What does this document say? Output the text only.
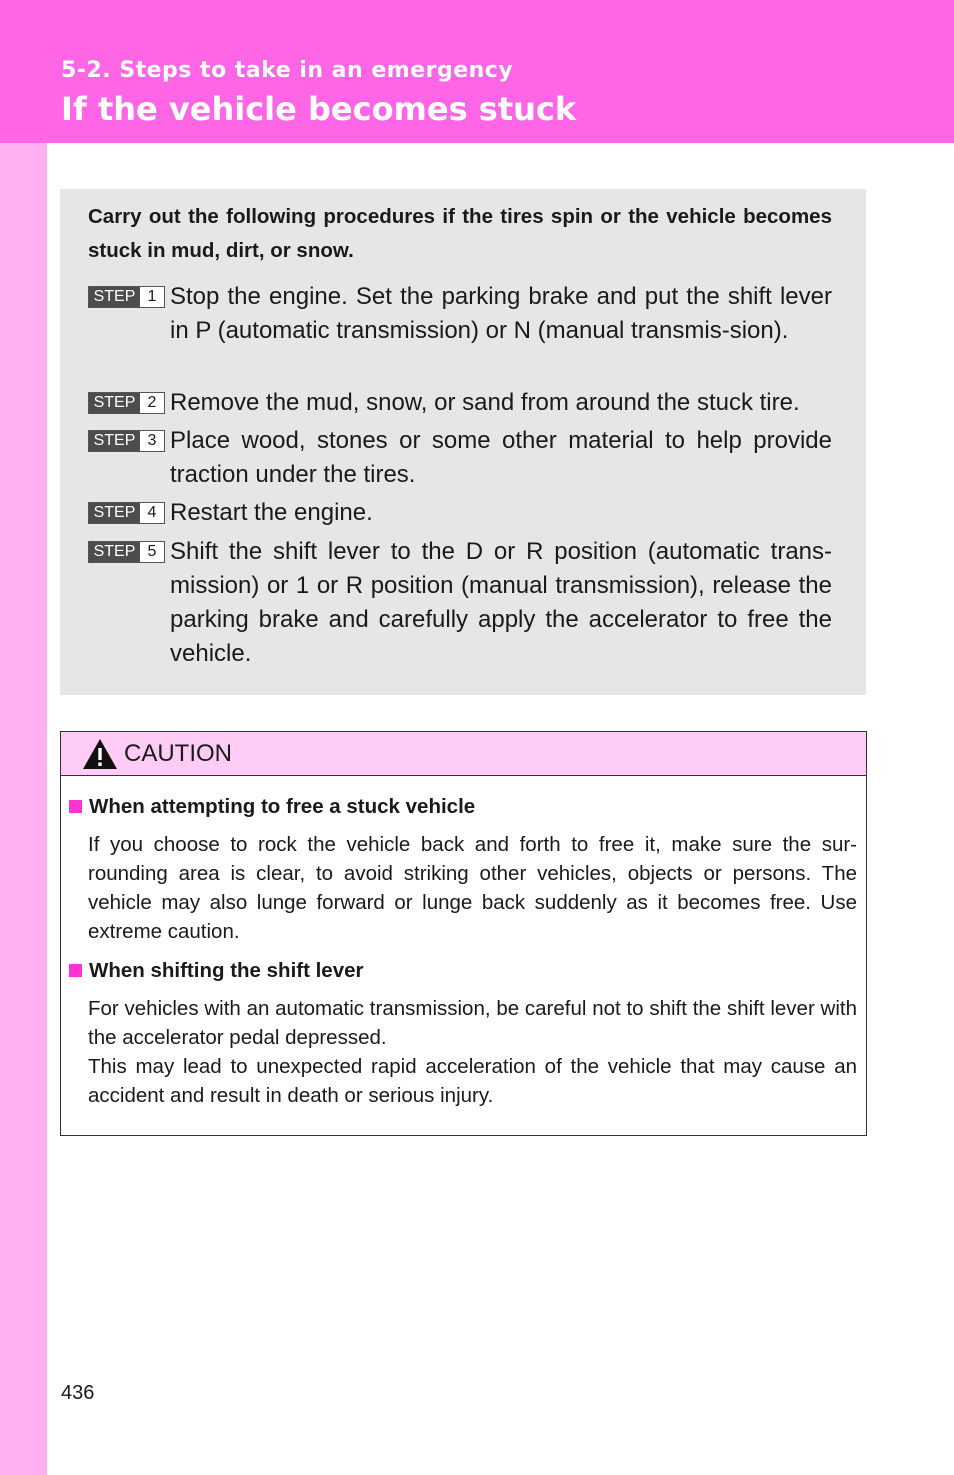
5-2. Steps to take in an emergency
If the vehicle becomes stuck
Carry out the following procedures if the tires spin or the vehicle becomes stuck in mud, dirt, or snow.
STEP 1 Stop the engine. Set the parking brake and put the shift lever in P (automatic transmission) or N (manual transmis-sion).
STEP 2 Remove the mud, snow, or sand from around the stuck tire.
STEP 3 Place wood, stones or some other material to help provide traction under the tires.
STEP 4 Restart the engine.
STEP 5 Shift the shift lever to the D or R position (automatic trans-mission) or 1 or R position (manual transmission), release the parking brake and carefully apply the accelerator to free the vehicle.
CAUTION
When attempting to free a stuck vehicle
If you choose to rock the vehicle back and forth to free it, make sure the sur-rounding area is clear, to avoid striking other vehicles, objects or persons. The vehicle may also lunge forward or lunge back suddenly as it becomes free. Use extreme caution.
When shifting the shift lever
For vehicles with an automatic transmission, be careful not to shift the shift lever with the accelerator pedal depressed.
This may lead to unexpected rapid acceleration of the vehicle that may cause an accident and result in death or serious injury.
436
